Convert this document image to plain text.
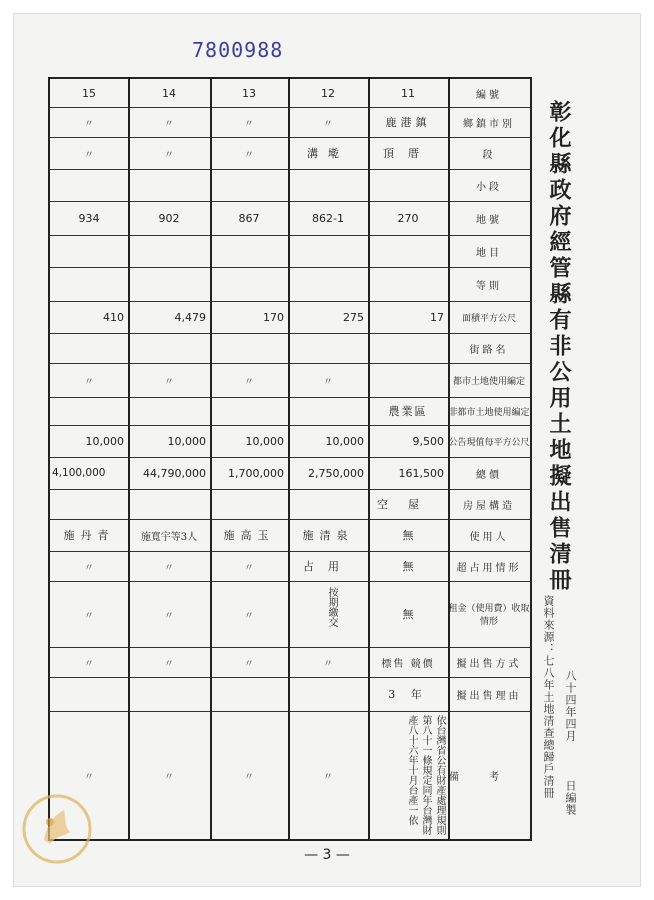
7800988
編號
鄉鎮市別
段
小段
地號
地目
等則
面積平方公尺
街路名
都市土地使用編定
非都市土地使用編定
公告現值每平方公尺
總價
房屋構造
使用人
超占用情形
租金（使用費）收取情形
擬出售方式
擬出售理由
備考
11
鹿港鎮
頂厝
270
17
農業區
9,500
161,500
空屋
無
無
無
標售 競價
3 年
依台灣省公有財產處理規則第八十一條規定同年台灣財產八十六年十月台產一依
12
〃
溝墘
862-1
275
〃
10,000
2,750,000
施清泉
占用
按期繳交
〃
〃
13
〃
〃
867
170
〃
10,000
1,700,000
施高玉
〃
〃
〃
〃
14
〃
〃
902
4,479
〃
10,000
44,790,000
施寬宇等3人
〃
〃
〃
〃
15
〃
〃
934
410
〃
10,000
4,100,000
施丹青
〃
〃
〃
〃
彰化縣政府經管縣有非公用土地擬出售清冊
資料來源：七八年土地清查總歸戶清冊 八十四年四月
日編製
— 3 —
